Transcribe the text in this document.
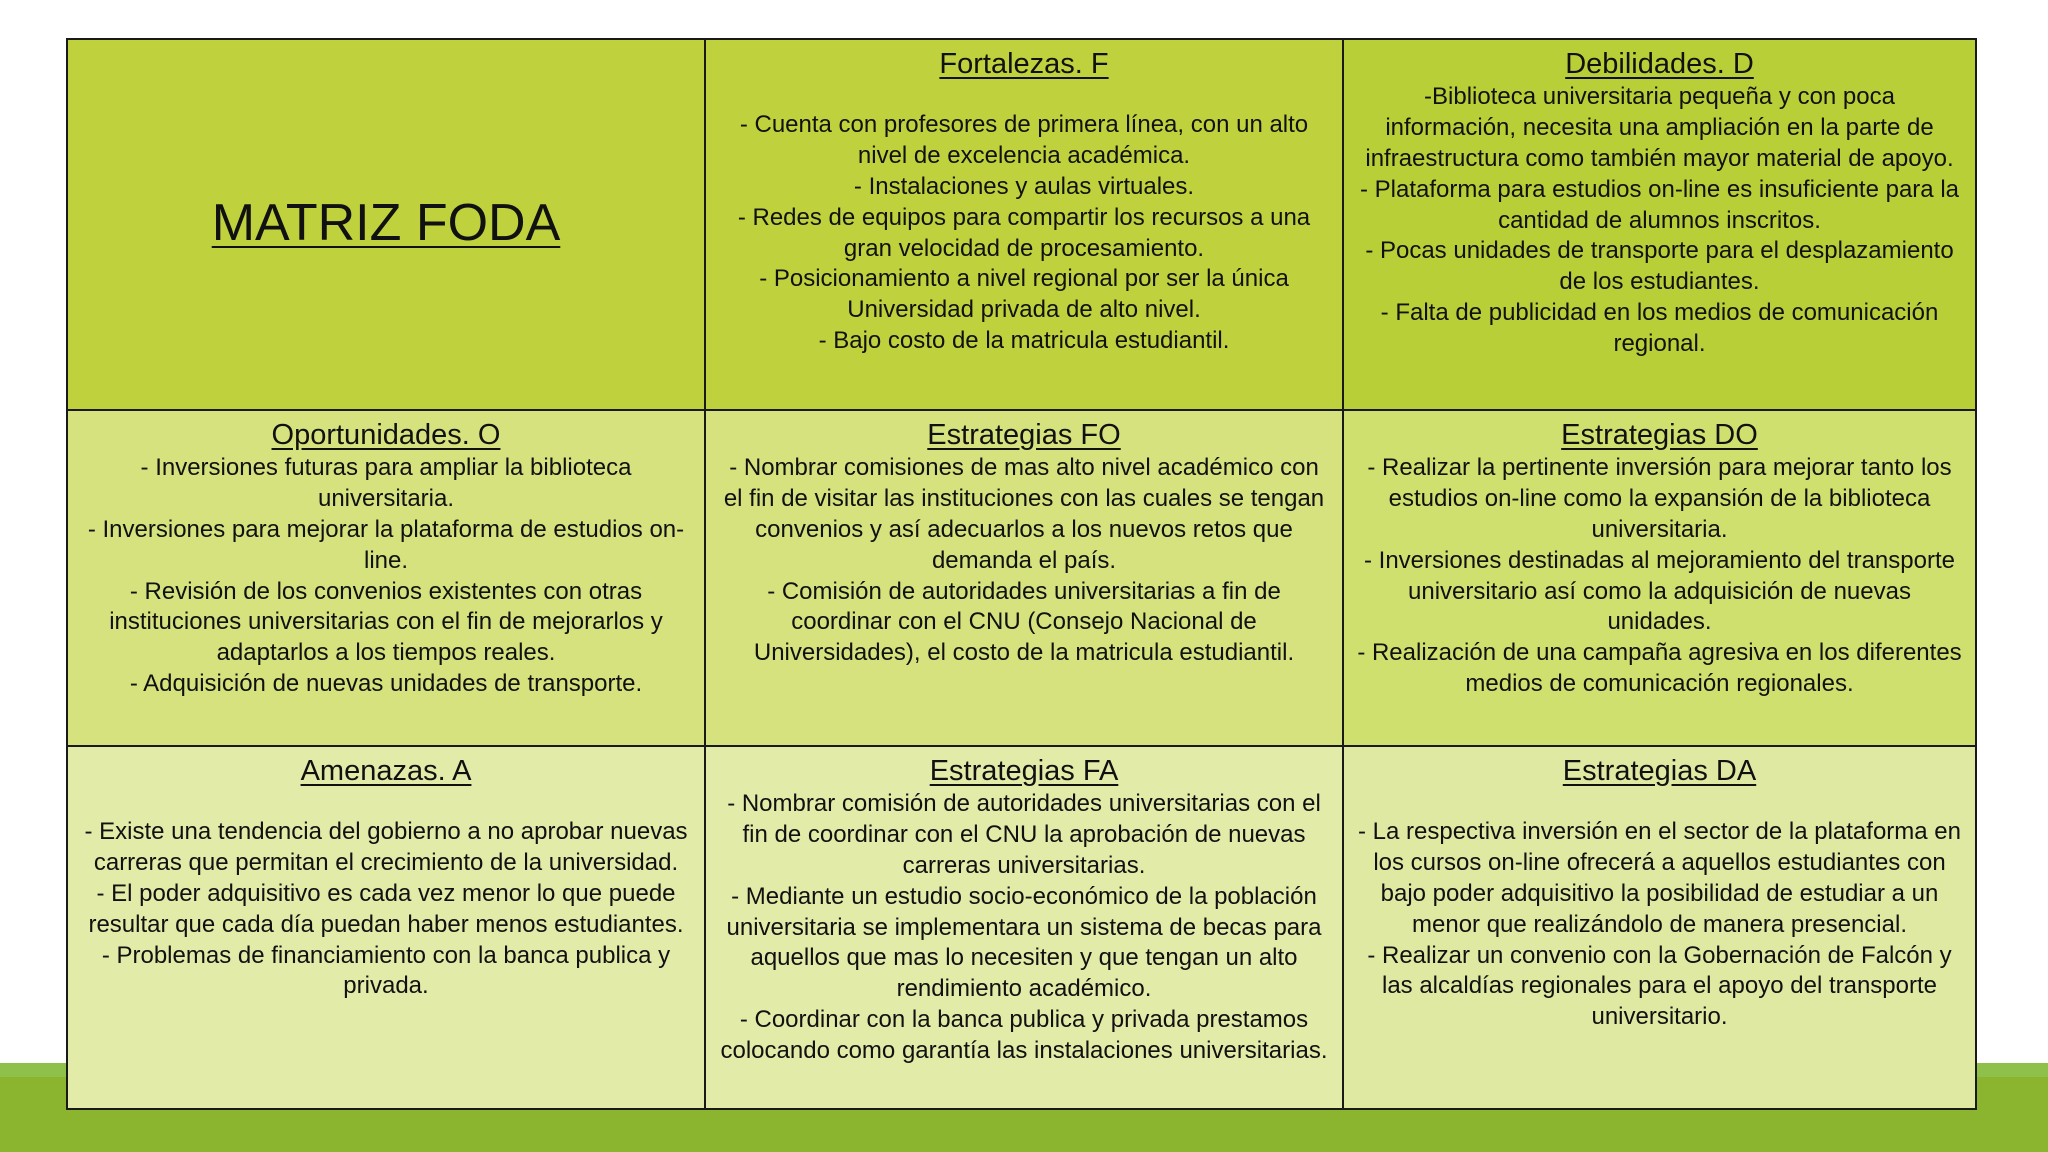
MATRIZ FODA
Fortalezas. F
- Cuenta con profesores de primera línea, con un alto nivel de excelencia académica.
- Instalaciones y aulas virtuales.
- Redes de equipos para compartir los recursos a una gran velocidad de procesamiento.
- Posicionamiento a nivel regional por ser la única Universidad privada de alto nivel.
- Bajo costo de la matricula estudiantil.
Debilidades. D
-Biblioteca universitaria pequeña y con poca información, necesita una ampliación en la parte de infraestructura como también mayor material de apoyo.
- Plataforma para estudios on-line es insuficiente para la cantidad de alumnos inscritos.
- Pocas unidades de transporte para el desplazamiento de los estudiantes.
- Falta de publicidad en los medios de comunicación regional.
Oportunidades. O
- Inversiones futuras para ampliar la biblioteca universitaria.
- Inversiones para mejorar la plataforma de estudios on-line.
- Revisión de los convenios existentes con otras instituciones universitarias con el fin de mejorarlos y adaptarlos a los tiempos reales.
- Adquisición de nuevas unidades de transporte.
Estrategias FO
- Nombrar comisiones de mas alto nivel académico con el fin de visitar las instituciones con las cuales se tengan convenios y así adecuarlos a los nuevos retos que demanda el país.
- Comisión de autoridades universitarias a fin de coordinar con el CNU (Consejo Nacional de Universidades), el costo de la matricula estudiantil.
Estrategias DO
- Realizar la pertinente inversión para mejorar tanto los estudios on-line como la expansión de la biblioteca universitaria.
- Inversiones destinadas al mejoramiento del transporte universitario así como la adquisición de nuevas unidades.
- Realización de una campaña agresiva en los diferentes medios de comunicación regionales.
Amenazas. A
- Existe una tendencia del gobierno a no aprobar nuevas carreras que permitan el crecimiento de la universidad.
- El poder adquisitivo es cada vez menor lo que puede resultar que cada día puedan haber menos estudiantes.
- Problemas de financiamiento con la banca publica y privada.
Estrategias FA
- Nombrar comisión de autoridades universitarias con el fin de coordinar con el CNU la aprobación de nuevas carreras universitarias.
- Mediante un estudio socio-económico de la población universitaria se implementara un sistema de becas para aquellos que mas lo necesiten y que tengan un alto rendimiento académico.
- Coordinar con la banca publica y privada prestamos colocando como garantía las instalaciones universitarias.
Estrategias DA
- La respectiva inversión en el sector de la plataforma en los cursos on-line ofrecerá a aquellos estudiantes con bajo poder adquisitivo la posibilidad de estudiar a un menor que realizándolo de manera presencial.
- Realizar un convenio con la Gobernación de Falcón y las alcaldías regionales para el apoyo del transporte universitario.
